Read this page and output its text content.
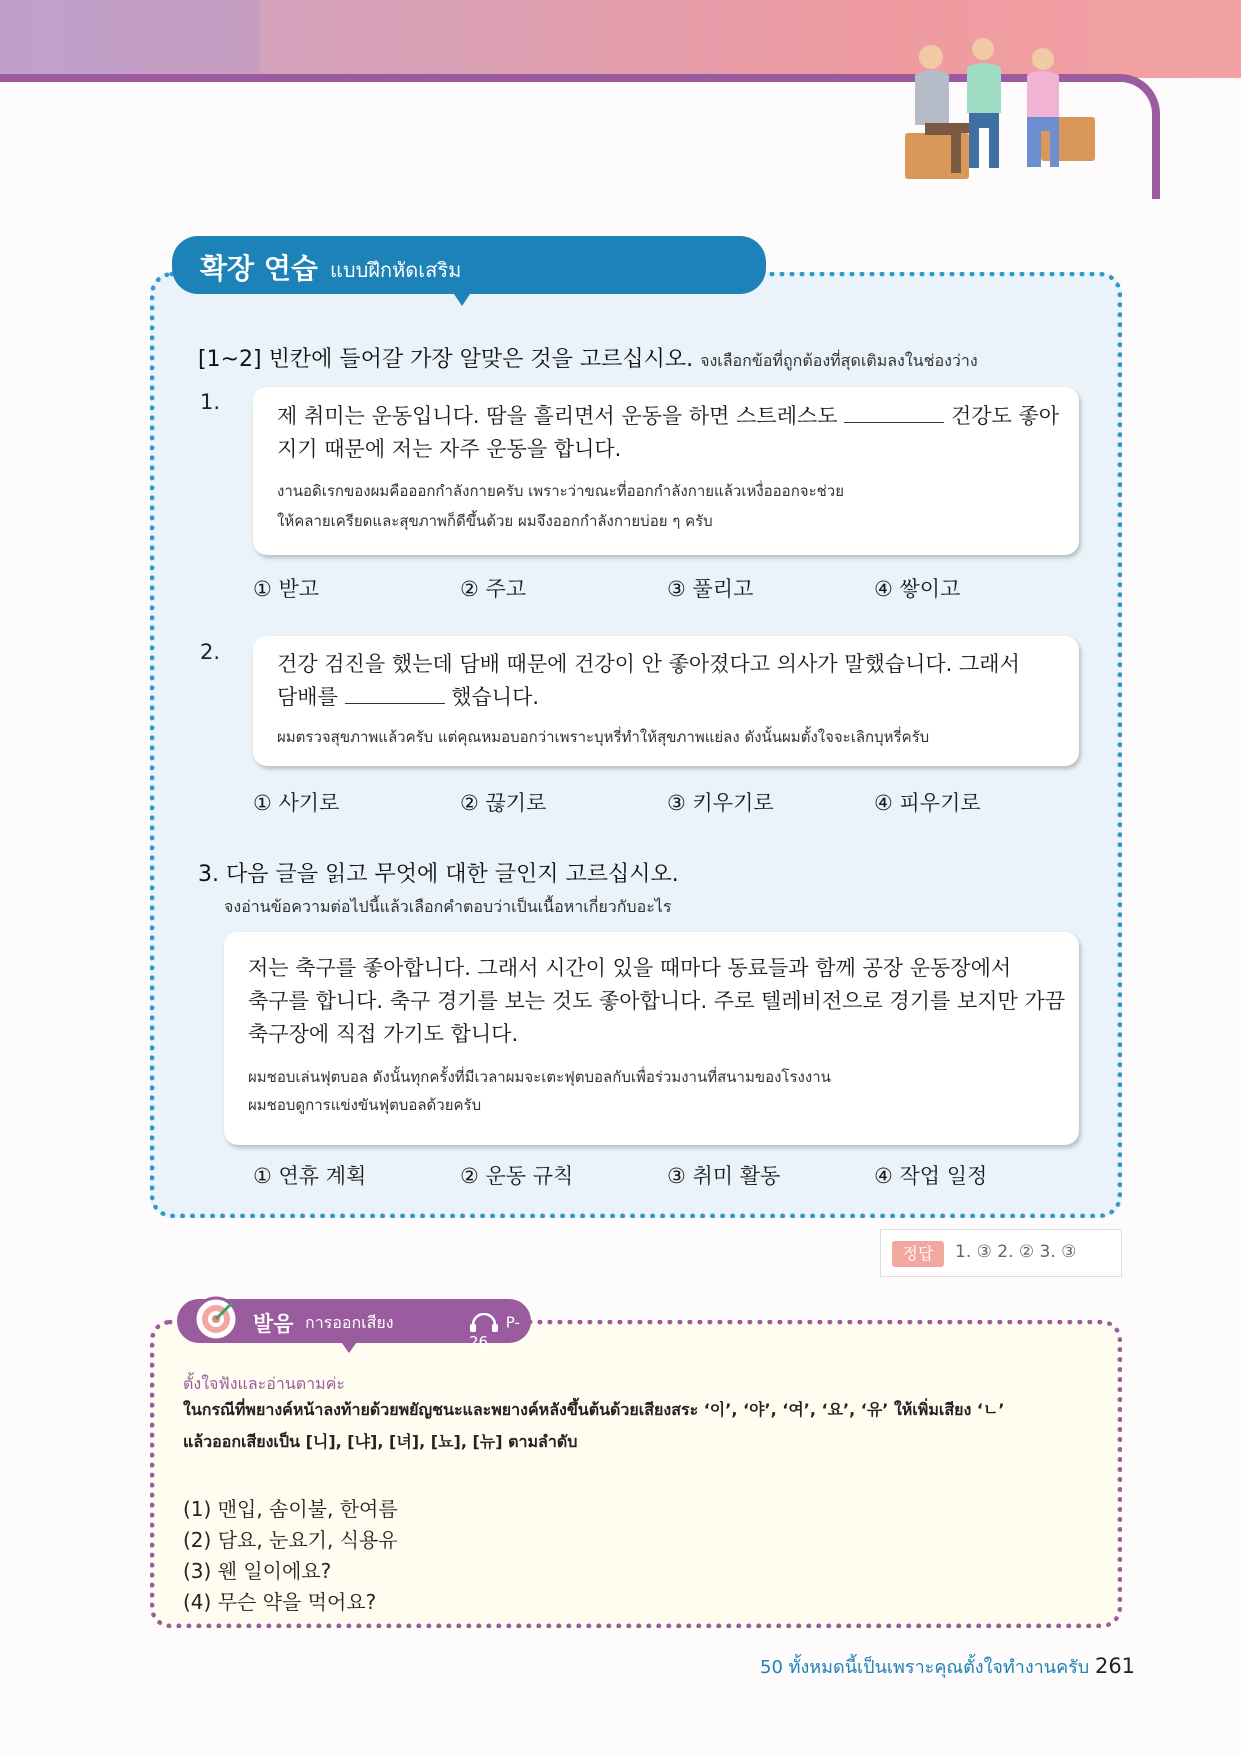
확장 연습 แบบฝึกหัดเสริม
[1~2] 빈칸에 들어갈 가장 알맞은 것을 고르십시오. จงเลือกข้อที่ถูกต้องที่สุดเติมลงในช่องว่าง
1.
제 취미는 운동입니다. 땀을 흘리면서 운동을 하면 스트레스도	건강도 좋아
지기 때문에 저는 자주 운동을 합니다.
งานอดิเรกของผมคือออกกำลังกายครับ เพราะว่าขณะที่ออกกำลังกายแล้วเหงื่อออกจะช่วย
ให้คลายเครียดและสุขภาพก็ดีขึ้นด้วย ผมจึงออกกำลังกายบ่อย ๆ ครับ
① 받고	② 주고	③ 풀리고	④ 쌓이고
2.	건강 검진을 했는데 담배 때문에 건강이 안 좋아졌다고 의사가 말했습니다. 그래서
담배를	했습니다.
ผมตรวจสุขภาพแล้วครับ แต่คุณหมอบอกว่าเพราะบุหรี่ทำให้สุขภาพแย่ลง ดังนั้นผมตั้งใจจะเลิกบุหรี่ครับ
① 사기로	② 끊기로	③ 키우기로	④ 피우기로
3. 다음 글을 읽고 무엇에 대한 글인지 고르십시오.
จงอ่านข้อความต่อไปนี้แล้วเลือกคำตอบว่าเป็นเนื้อหาเกี่ยวกับอะไร
저는 축구를 좋아합니다. 그래서 시간이 있을 때마다 동료들과 함께 공장 운동장에서
축구를 합니다. 축구 경기를 보는 것도 좋아합니다. 주로 텔레비전으로 경기를 보지만 가끔
축구장에 직접 가기도 합니다.
ผมชอบเล่นฟุตบอล ดังนั้นทุกครั้งที่มีเวลาผมจะเตะฟุตบอลกับเพื่อร่วมงานที่สนามของโรงงาน
ผมชอบดูการแข่งขันฟุตบอลด้วยครับ
① 연휴 계획	② 운동 규칙	③ 취미 활동	④ 작업 일정
정답	1. ③ 2. ② 3. ③
발음 การออกเสียง	P-26
ตั้งใจฟังและอ่านตามค่ะ
ในกรณีที่พยางค์หน้าลงท้ายด้วยพยัญชนะและพยางค์หลังขึ้นต้นด้วยเสียงสระ ‘이’, ‘야’, ‘여’, ‘요’, ‘유’ ให้เพิ่มเสียง ‘ㄴ’
แล้วออกเสียงเป็น [니], [냐], [녀], [뇨], [뉴] ตามลำดับ
(1) 맨입, 솜이불, 한여름
(2) 담요, 눈요기, 식용유
(3) 웬 일이에요?
(4) 무슨 약을 먹어요?
50 ทั้งหมดนี้เป็นเพราะคุณตั้งใจทำงานครับ 261
